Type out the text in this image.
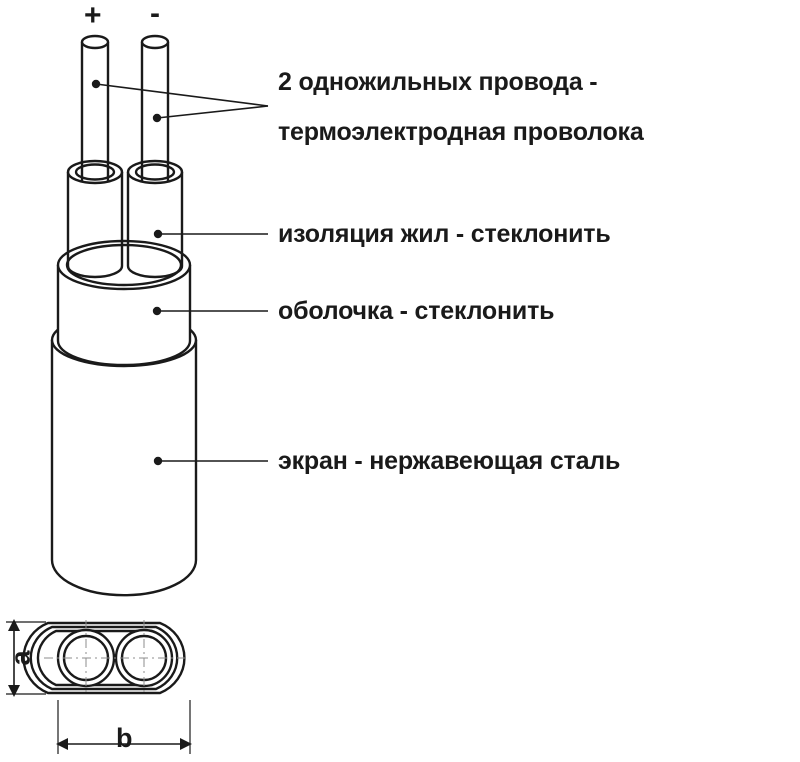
+ -
2 одножильных провода -
термоэлектродная проволока
изоляция жил - стеклонить
оболочка - стеклонить
экран - нержавеющая сталь
a
b
